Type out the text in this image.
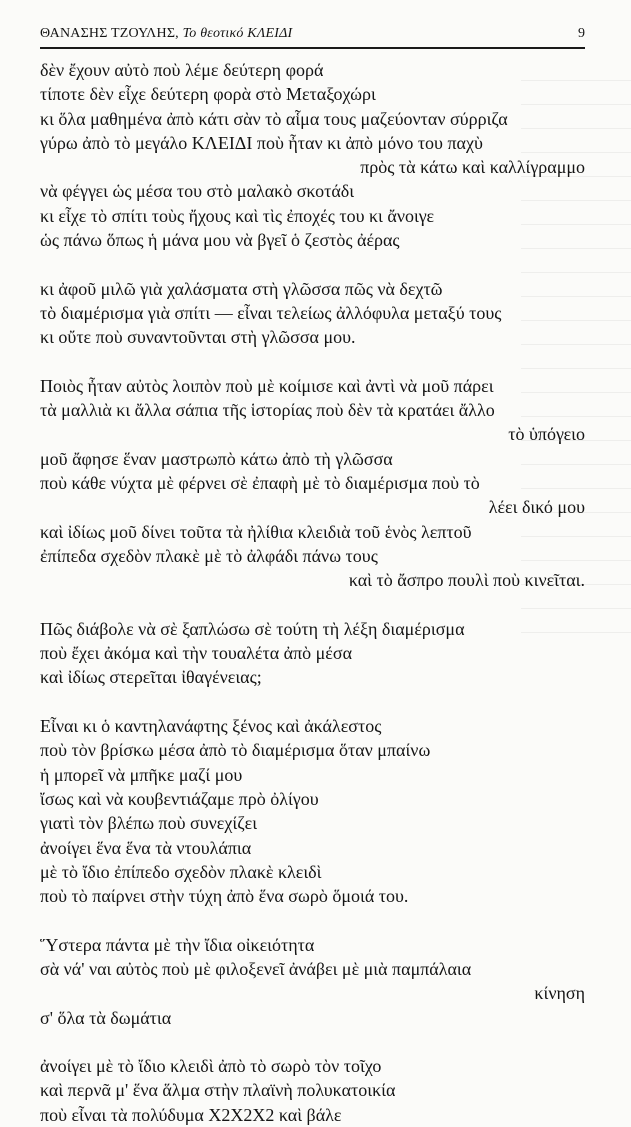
ΘΑΝΑΣΗΣ ΤΖΟΥΛΗΣ, Το θεοτικό ΚΛΕΙΔΙ	9
δὲν ἔχουν αὐτὸ ποὺ λέμε δεύτερη φορά
τίποτε δὲν εἶχε δεύτερη φορὰ στὸ Μεταξοχώρι
κι ὅλα μαθημένα ἀπὸ κάτι σὰν τὸ αἷμα τους μαζεύονταν σύρριζα
γύρω ἀπὸ τὸ μεγάλο ΚΛΕΙΔΙ ποὺ ἦταν κι ἀπὸ μόνο του παχὺ
πρὸς τὰ κάτω καὶ καλλίγραμμο
νὰ φέγγει ὡς μέσα του στὸ μαλακὸ σκοτάδι
κι εἶχε τὸ σπίτι τοὺς ἤχους καὶ τὶς ἐποχές του κι ἄνοιγε
ὡς πάνω ὅπως ἡ μάνα μου νὰ βγεῖ ὁ ζεστὸς ἀέρας
κι ἀφοῦ μιλῶ γιὰ χαλάσματα στὴ γλῶσσα πῶς νὰ δεχτῶ
τὸ διαμέρισμα γιὰ σπίτι — εἶναι τελείως ἀλλόφυλα μεταξύ τους
κι οὔτε ποὺ συναντοῦνται στὴ γλῶσσα μου.
Ποιὸς ἦταν αὐτὸς λοιπὸν ποὺ μὲ κοίμισε καὶ ἀντὶ νὰ μοῦ πάρει
τὰ μαλλιὰ κι ἄλλα σάπια τῆς ἱστορίας ποὺ δὲν τὰ κρατάει ἄλλο
τὸ ὑπόγειο
μοῦ ἄφησε ἕναν μαστρωπὸ κάτω ἀπὸ τὴ γλῶσσα
ποὺ κάθε νύχτα μὲ φέρνει σὲ ἐπαφὴ μὲ τὸ διαμέρισμα ποὺ τὸ
λέει δικό μου
καὶ ἰδίως μοῦ δίνει τοῦτα τὰ ἠλίθια κλειδιὰ τοῦ ἑνὸς λεπτοῦ
ἐπίπεδα σχεδὸν πλακὲ μὲ τὸ ἀλφάδι πάνω τους
καὶ τὸ ἄσπρο πουλὶ ποὺ κινεῖται.
Πῶς διάβολε νὰ σὲ ξαπλώσω σὲ τούτη τὴ λέξη διαμέρισμα
ποὺ ἔχει ἀκόμα καὶ τὴν τουαλέτα ἀπὸ μέσα
καὶ ἰδίως στερεῖται ἰθαγένειας;
Εἶναι κι ὁ καντηλανάφτης ξένος καὶ ἀκάλεστος
ποὺ τὸν βρίσκω μέσα ἀπὸ τὸ διαμέρισμα ὅταν μπαίνω
ἡ μπορεῖ νὰ μπῆκε μαζί μου
ἴσως καὶ νὰ κουβεντιάζαμε πρὸ ὀλίγου
γιατὶ τὸν βλέπω ποὺ συνεχίζει
ἀνοίγει ἕνα ἕνα τὰ ντουλάπια
μὲ τὸ ἴδιο ἐπίπεδο σχεδὸν πλακὲ κλειδὶ
ποὺ τὸ παίρνει στὴν τύχη ἀπὸ ἕνα σωρὸ ὅμοιά του.
Ὕστερα πάντα μὲ τὴν ἴδια οἰκειότητα
σὰ νά' ναι αὐτὸς ποὺ μὲ φιλοξενεῖ ἀνάβει μὲ μιὰ παμπάλαια
κίνηση
σ' ὅλα τὰ δωμάτια
ἀνοίγει μὲ τὸ ἴδιο κλειδὶ ἀπὸ τὸ σωρὸ τὸν τοῖχο
καὶ περνᾶ μ' ἕνα ἅλμα στὴν πλαϊνὴ πολυκατοικία
ποὺ εἶναι τὰ πολύδυμα Χ2Χ2Χ2 καὶ βάλε
